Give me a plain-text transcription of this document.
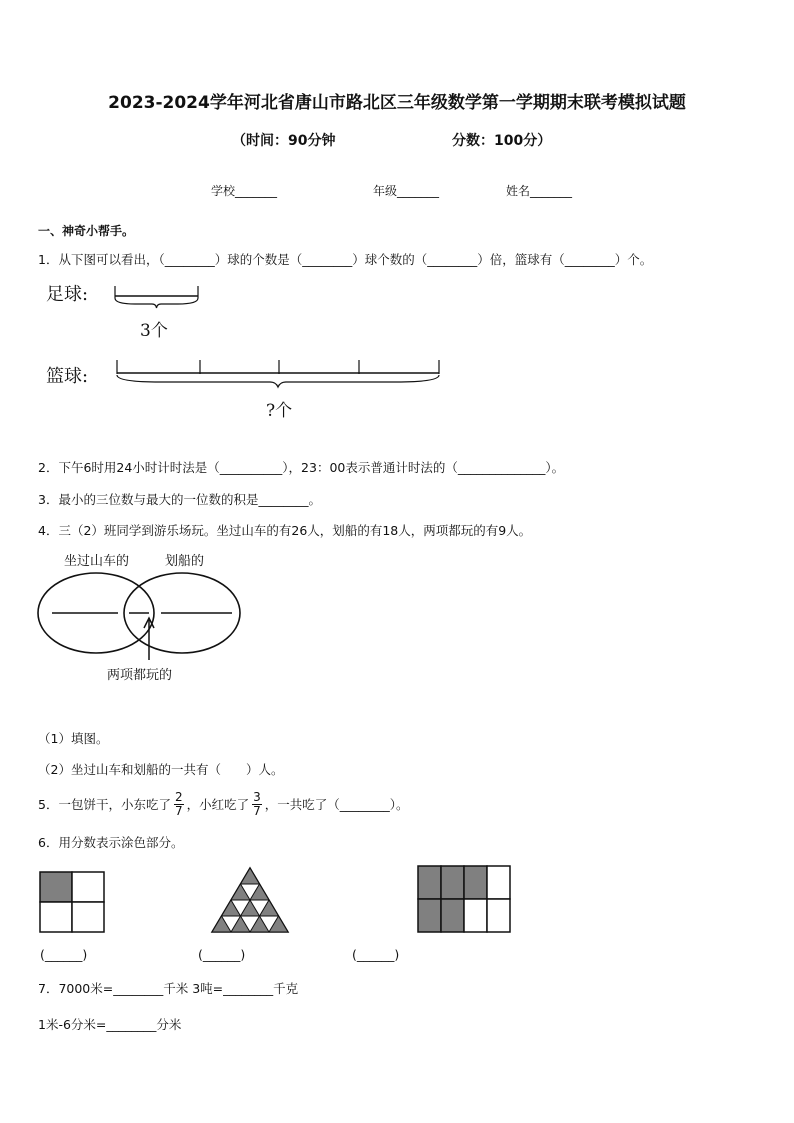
2023-2024学年河北省唐山市路北区三年级数学第一学期期末联考模拟试题
（时间：90分钟	分数：100分）
学校_______	年级_______	姓名_______
一、神奇小帮手。
1．从下图可以看出，（________）球的个数是（________）球个数的（________）倍，篮球有（________）个。
足球:
3个
篮球:
?个
2．下午6时用24小时计时法是（__________），23：00表示普通计时法的（______________）。
3．最小的三位数与最大的一位数的积是________。
4．三（2）班同学到游乐场玩。坐过山车的有26人，划船的有18人，两项都玩的有9人。
坐过山车的	划船的
两项都玩的
（1）填图。
（2）坐过山车和划船的一共有（　　）人。
5．一包饼干，小东吃了 $\frac{2}{7}$ ，小红吃了 $\frac{3}{7}$ ，一共吃了（________）。
6．用分数表示涂色部分。
(______)	(______)	(______)
7．7000米=________千米 3吨=________千克
1米-6分米=________分米
